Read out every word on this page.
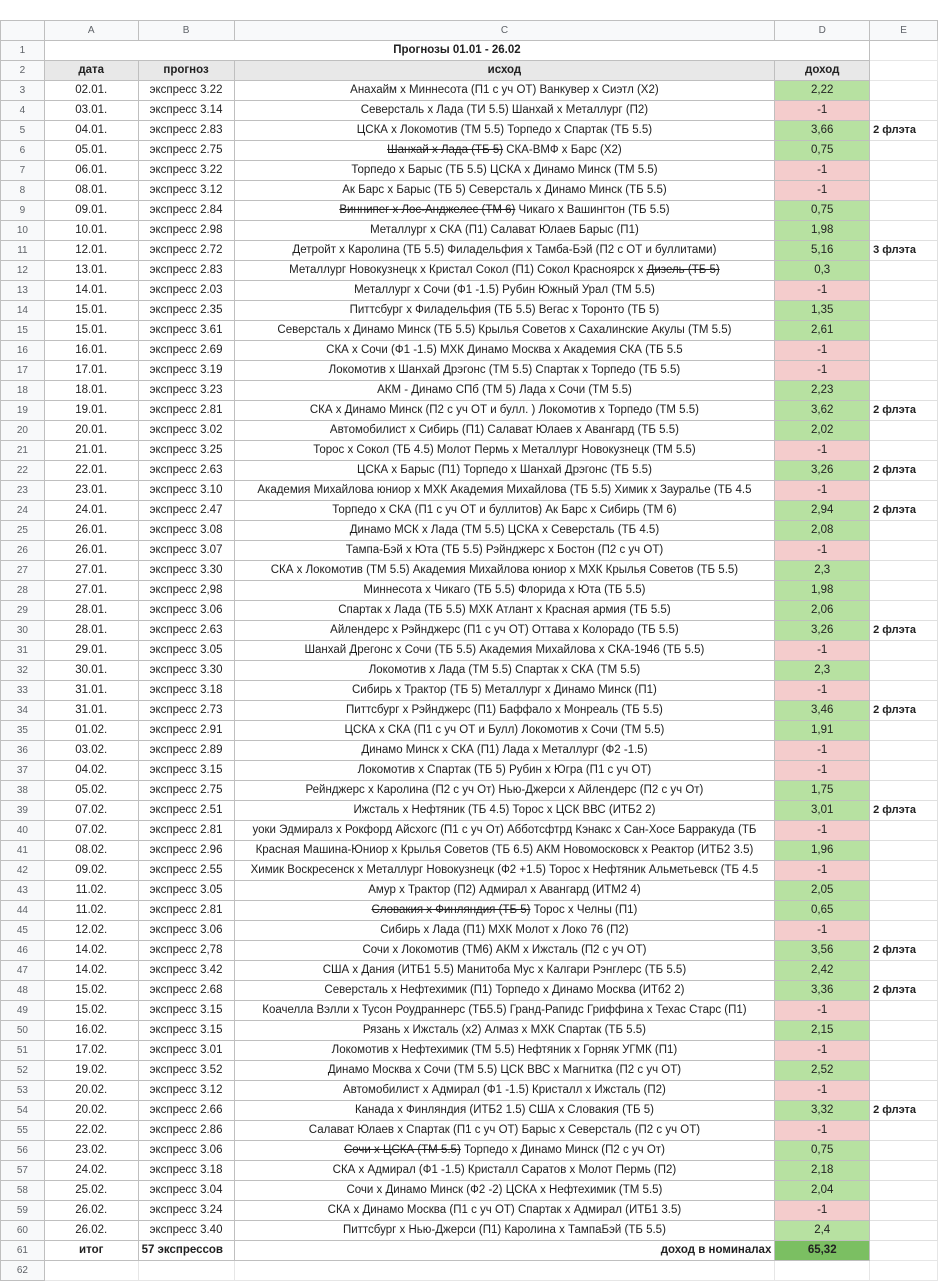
	A	B	C	D	E
1	Прогнозы 01.01 - 26.02				
2	дата	прогноз	исход	доход	
3	02.01.	экспресс 3.22	Анахайм х Миннесота (П1 с уч ОТ) Ванкувер х Сиэтл (Х2)	2,22	
4	03.01.	экспресс 3.14	Северсталь х Лада (ТИ 5.5) Шанхай х Металлург (П2)	-1	
5	04.01.	экспресс 2.83	ЦСКА х Локомотив (ТМ 5.5) Торпедо х Спартак (ТБ 5.5)	3,66	2 флэта
6	05.01.	экспресс 2.75	Шанхай х Лада (ТБ 5) СКА-ВМФ х Барс (Х2)	0,75	
7	06.01.	экспресс 3.22	Торпедо х Барыс (ТБ 5.5) ЦСКА х Динамо Минск (ТМ 5.5)	-1	
8	08.01.	экспресс 3.12	Ак Барс х Барыс (ТБ 5) Северсталь х Динамо Минск (ТБ 5.5)	-1	
9	09.01.	экспресс 2.84	Виннипег х Лос-Анджелес (ТМ 6) Чикаго х Вашингтон (ТБ 5.5)	0,75	
10	10.01.	экспресс 2.98	Металлург х СКА (П1) Салават Юлаев Барыс (П1)	1,98	
11	12.01.	экспресс 2.72	Детройт х Каролина (ТБ 5.5) Филадельфия х Тамба-Бэй (П2 с ОТ и буллитами)	5,16	3 флэта
12	13.01.	экспресс 2.83	Металлург Новокузнецк х Кристал Сокол (П1) Сокол Красноярск х Дизель (ТБ 5)	0,3	
13	14.01.	экспресс 2.03	Металлург х Сочи (Ф1 -1.5) Рубин Южный Урал (ТМ 5.5)	-1	
14	15.01.	экспресс 2.35	Питтсбург х Филадельфия (ТБ 5.5) Вегас х Торонто (ТБ 5)	1,35	
15	15.01.	экспресс 3.61	Северсталь х Динамо Минск (ТБ 5.5) Крылья Советов х Сахалинские Акулы (ТМ 5.5)	2,61	
16	16.01.	экспресс 2.69	СКА х Сочи (Ф1 -1.5) МХК Динамо Москва х Академия СКА (ТБ 5.5	-1	
17	17.01.	экспресс 3.19	Локомотив х Шанхай Дрэгонс (ТМ 5.5) Спартак х Торпедо (ТБ 5.5)	-1	
18	18.01.	экспресс 3.23	АКМ - Динамо СПб (ТМ 5) Лада х Сочи (ТМ 5.5)	2,23	
19	19.01.	экспресс 2.81	СКА х Динамо Минск (П2 с уч ОТ и булл. ) Локомотив х Торпедо (ТМ 5.5)	3,62	2 флэта
20	20.01.	экспресс 3.02	Автомобилист х Сибирь (П1) Салават Юлаев х Авангард (ТБ 5.5)	2,02	
21	21.01.	экспресс 3.25	Торос х Сокол (ТБ 4.5) Молот Пермь х Металлург Новокузнецк (ТМ 5.5)	-1	
22	22.01.	экспресс 2.63	ЦСКА х Барыс (П1) Торпедо х Шанхай Дрэгонс (ТБ 5.5)	3,26	2 флэта
23	23.01.	экспресс 3.10	Академия Михайлова юниор х МХК Академия Михайлова (ТБ 5.5) Химик х Зауралье (ТБ 4.5	-1	
24	24.01.	экспресс 2.47	Торпедо х СКА (П1 с уч ОТ и буллитов) Ак Барс х Сибирь (ТМ 6)	2,94	2 флэта
25	26.01.	экспресс 3.08	Динамо МСК х Лада (ТМ 5.5) ЦСКА х Северсталь (ТБ 4.5)	2,08	
26	26.01.	экспресс 3.07	Тампа-Бэй х Юта (ТБ 5.5) Рэйнджерс х Бостон (П2 с уч ОТ)	-1	
27	27.01.	экспресс 3.30	СКА х Локомотив (ТМ 5.5) Академия Михайлова юниор х МХК Крылья Советов (ТБ 5.5)	2,3	
28	27.01.	экспресс 2,98	Миннесота х Чикаго (ТБ 5.5) Флорида х Юта (ТБ 5.5)	1,98	
29	28.01.	экспресс 3.06	Спартак х Лада (ТБ 5.5) МХК Атлант х Красная армия (ТБ 5.5)	2,06	
30	28.01.	экспресс 2.63	Айлендерс х Рэйнджерс (П1 с уч ОТ) Оттава х Колорадо (ТБ 5.5)	3,26	2 флэта
31	29.01.	экспресс 3.05	Шанхай Дрегонс х Сочи (ТБ 5.5) Академия Михайлова х СКА-1946 (ТБ 5.5)	-1	
32	30.01.	экспресс 3.30	Локомотив х Лада (ТМ 5.5) Спартак х СКА (ТМ 5.5)	2,3	
33	31.01.	экспресс 3.18	Сибирь х Трактор (ТБ 5) Металлург х Динамо Минск (П1)	-1	
34	31.01.	экспресс 2.73	Питтсбург х Рэйнджерс (П1) Баффало х Монреаль (ТБ 5.5)	3,46	2 флэта
35	01.02.	экспресс 2.91	ЦСКА х СКА (П1 с уч ОТ и Булл) Локомотив х Сочи (ТМ 5.5)	1,91	
36	03.02.	экспресс 2.89	Динамо Минск х СКА (П1) Лада х Металлург (Ф2 -1.5)	-1	
37	04.02.	экспресс 3.15	Локомотив х Спартак (ТБ 5) Рубин х Югра (П1 с уч ОТ)	-1	
38	05.02.	экспресс 2.75	Рейнджерс х Каролина (П2 с уч От) Нью-Джерси х Айлендерс (П2 с уч От)	1,75	
39	07.02.	экспресс 2.51	Ижсталь х Нефтяник (ТБ 4.5) Торос х ЦСК ВВС (ИТБ2 2)	3,01	2 флэта
40	07.02.	экспресс 2.81	уоки Эдмиралз х Рокфорд Айсхогс (П1 с уч От) Абботсфтрд Кэнакс х Сан-Хосе Барракуда (ТБ	-1	
41	08.02.	экспресс 2.96	Красная Машина-Юниор х Крылья Советов (ТБ 6.5) АКМ Новомосковск х Реактор (ИТБ2 3.5)	1,96	
42	09.02.	экспресс 2.55	Химик Воскресенск х Металлург Новокузнецк (Ф2 +1.5) Торос х Нефтяник Альметьевск (ТБ 4.5	-1	
43	11.02.	экспресс 3.05	Амур х Трактор (П2) Адмирал х Авангард (ИТМ2 4)	2,05	
44	11.02.	экспресс 2.81	Словакия х Финляндия (ТБ 5) Торос х Челны (П1)	0,65	
45	12.02.	экспресс 3.06	Сибирь х Лада (П1) МХК Молот х Локо 76 (П2)	-1	
46	14.02.	экспресс 2,78	Сочи х Локомотив (ТМ6) АКМ х Ижсталь (П2 с уч ОТ)	3,56	2 флэта
47	14.02.	экспресс 3.42	США х Дания (ИТБ1 5.5) Манитоба Мус х Калгари Рэнглерс (ТБ 5.5)	2,42	
48	15.02.	экспресс 2.68	Северсталь х Нефтехимик (П1) Торпедо х Динамо Москва (ИТб2 2)	3,36	2 флэта
49	15.02.	экспресс 3.15	Коачелла Вэлли х Тусон Роудраннерс (ТБ5.5) Гранд-Рапидс Гриффина х Техас Старс (П1)	-1	
50	16.02.	экспресс 3.15	Рязань х Ижсталь (х2) Алмаз х МХК Спартак (ТБ 5.5)	2,15	
51	17.02.	экспресс 3.01	Локомотив х Нефтехимик (ТМ 5.5) Нефтяник х Горняк УГМК (П1)	-1	
52	19.02.	экспресс 3.52	Динамо Москва х Сочи (ТМ 5.5) ЦСК ВВС х Магнитка (П2 с уч ОТ)	2,52	
53	20.02.	экспресс 3.12	Автомобилист х Адмирал (Ф1 -1.5) Кристалл х Ижсталь (П2)	-1	
54	20.02.	экспресс 2.66	Канада х Финляндия (ИТБ2 1.5) США х Словакия (ТБ 5)	3,32	2 флэта
55	22.02.	экспресс 2.86	Салават Юлаев х Спартак (П1 с уч ОТ) Барыс х Северсталь (П2 с уч ОТ)	-1	
56	23.02.	экспресс 3.06	Сочи х ЦСКА (ТМ 5.5) Торпедо х Динамо Минск (П2 с уч От)	0,75	
57	24.02.	экспресс 3.18	СКА х Адмирал (Ф1 -1.5) Кристалл Саратов х Молот Пермь (П2)	2,18	
58	25.02.	экспресс 3.04	Сочи х Динамо Минск (Ф2 -2) ЦСКА х Нефтехимик (ТМ 5.5)	2,04	
59	26.02.	экспресс 3.24	СКА х Динамо Москва (П1 с уч ОТ) Спартак х Адмирал (ИТБ1 3.5)	-1	
60	26.02.	экспресс 3.40	Питтсбург х Нью-Джерси (П1) Каролина х ТампаБэй (ТБ 5.5)	2,4	
61	итог	57 экспрессов	доход в номиналах	65,32	
62					
